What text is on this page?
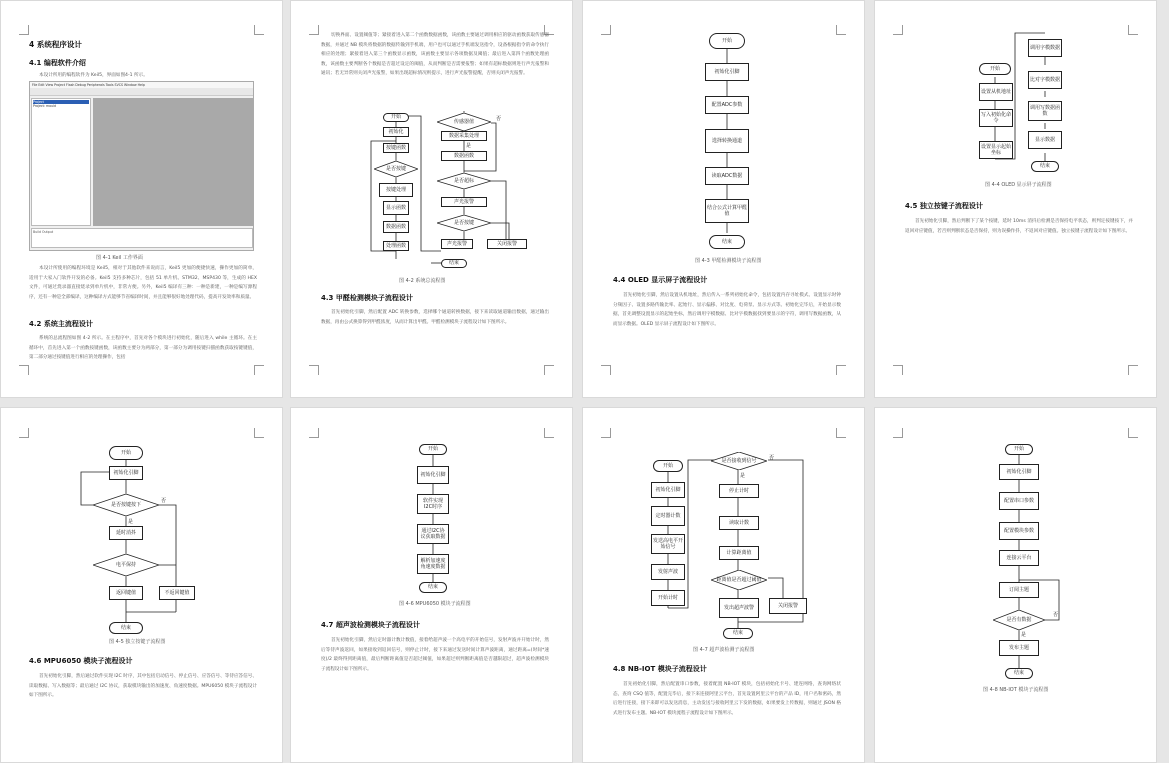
4 系统程序设计
4.1 编程软件介绍
本设计所用的编程软件为 Keil5，界面如图4-1 所示。
File Edit View Project Flash Debug Peripherals Tools SVCS Window Help
Project
Project: mould
Build Output
图 4-1 Keil 工作界面
本设计所使用的编程环境是 Keil5，相对于其他软件来说而言，Keil5 更加的便捷快速，操作更加的简单，适用于大家入门软件开发的必备。Keil5 支持多种芯片，包括 51 单片机、STM32、MSP430 等，生成的 HEX 文件，可通过烧录器直接烧录到单片机中，非常方便。另外，Keil5 编译有三种：一种是新建，一种是编写源程序，还有一种是全部编译，这种编译方式能够节省编译时间，并且能够很好地处理代码，提高开发效率和质量。
4.2 系统主流程设计
系统的总流程图如图 4-2 所示。在主程序中，首先对各个模块进行初始化，随后进入 while 主循环。在主循环中，首先进入第一个函数按键函数，该函数主要分为两部分，第一部分为调用按键扫描函数获取按键键值，第二部分通过按键值进行相应的处理操作，包括
切换界面、设置阈值等；紧接着进入第二个函数数据函数，该函数主要通过调用相应的驱动函数获取传感器数据，并通过 NB 模块将数据的数据传输到手机端，用户也可以通过手机端发送指令，设备根据指令的命令执行相应的处理；紧接着进入第三个函数显示函数，该函数主要显示各项数据及阈值；最后进入第四个函数处理函数，该函数主要判断各个数据是否超过设定的阈值，从而判断是否需要报警；如果有超标数据则进行声光报警和通讯；若无异常则关闭声光报警，如果出现超标情况则提示，进行声光报警提醒，否则关闭声光报警。
开始
初始化
按键函数
是否按键
按键处理
显示函数
数据函数
处理函数
传感器值
数据采集处理
数据函数
是否超标
声光报警
是否按键
声光报警	关闭报警
结束
是
否
图 4-2 系统总流程图
4.3 甲醛检测模块子流程设计
首先初始化引脚，然后配置 ADC 转换参数，选择哪个通道转换数据，接下来读取通道输出数据，通过输出数据，再由公式换算得到甲醛浓度，从而计算出甲醛。甲醛检测模块子流程设计如下图所示。
开始
初始化引脚
配置ADC参数
选择转换通道
读取ADC数据
结合公式计算甲醛值
结束
图 4-3 甲醛检测模块子流程图
4.4 OLED 显示屏子流程设计
首先初始化引脚，然后设置从机地址，然后传入一系列初始化命令，包括设置内存寻址模式、设置显示时钟分频因子、设置多路传输比率、起始行、显示偏移、对比度、电荷泵、显示方式等。初始化完毕后，开始显示数据，首先调整设置显示的起始坐标，然后调用字模数据、比对字模数据找到要显示的字符，调用写数据函数，从而显示数据。OLED 显示屏子流程设计如下图所示。
开始
设置从机地址
写入初始化命令
设置显示起始坐标
调用字模数据
比对字模数据
调用写数据函数
显示数据
结束
图 4-4 OLED 显示屏子流程图
4.5 独立按键子流程设计
首先初始化引脚，然后判断下了某个按键，延时 10ms 消抖后检测是否保持电平状态，则判定按键按下，并返回对应键值，若否则判断状态是否保持，则为误操作抖，不返回对应键值。独立按键子流程设计如下图所示。
开始
初始化引脚
是否按键按下
延时消抖
电平保持
返回键值	不返回键值
结束
否
是
图 4-5 独立按键子流程图
4.6 MPU6050 模块子流程设计
首先初始化引脚，然后通过软件实现 I2C 时序，其中包括启动信号、停止信号、应答信号、等待应答信号、读取数据、写入数据等；最后通过 I2C 协议，获取模块输出的加速度、角速度数据。MPU6050 模块子流程设计如下图所示。
开始
初始化引脚
软件实现I2C时序
通过I2C协议获取数据
解析加速度角速度数据
结束
图 4-6 MPU6050 模块子流程图
4.7 超声波检测模块子流程设计
首先初始化引脚，然后定时器计数计数值，接着给超声波一个高电平的开始信号，发射声波并开始计时，然后等待声波返回，如果接收到返回信号，则停止计时，接下来通过发送时间计算声波距离，通过距离=(时间*速度)/2 最终得到距离值，最后判断距离值是否超过阈值，如果超过则判断距离值是否越限超过，超声波检测模块子流程设计如下图所示。
开始
初始化引脚
定时器计数
发送高电平开始信号
发射声波
开始计时
是否接收到信号
停止计时
读取计数
计算距离值
距离值是否超过阈值
发出超声波警	关闭报警
结束
是
否
图 4-7 超声波检测子流程图
4.8 NB-IOT 模块子流程设计
首先初始化引脚，然后配置串口参数，接着配置 NB-IOT 模块，包括初始化卡号、建连网络，查询网络状态，查询 CSQ 值等，配置完毕后，接下来连接阿里云平台，首先设置阿里云平台的产品 ID，用户名和密码，然后进行连接，接下来即可以发送消息，主动发送与接收阿里云下发的数据，如果要发上传数据，则通过 JSON 格式进行发布主题。NB-IOT 模块流程子流程设计如下图所示。
开始
初始化引脚
配置串口参数
配置模块参数
连接云平台
订阅主题
是否有数据
发布主题
结束
否
是
图 4-8 NB-IOT 模块子流程图
